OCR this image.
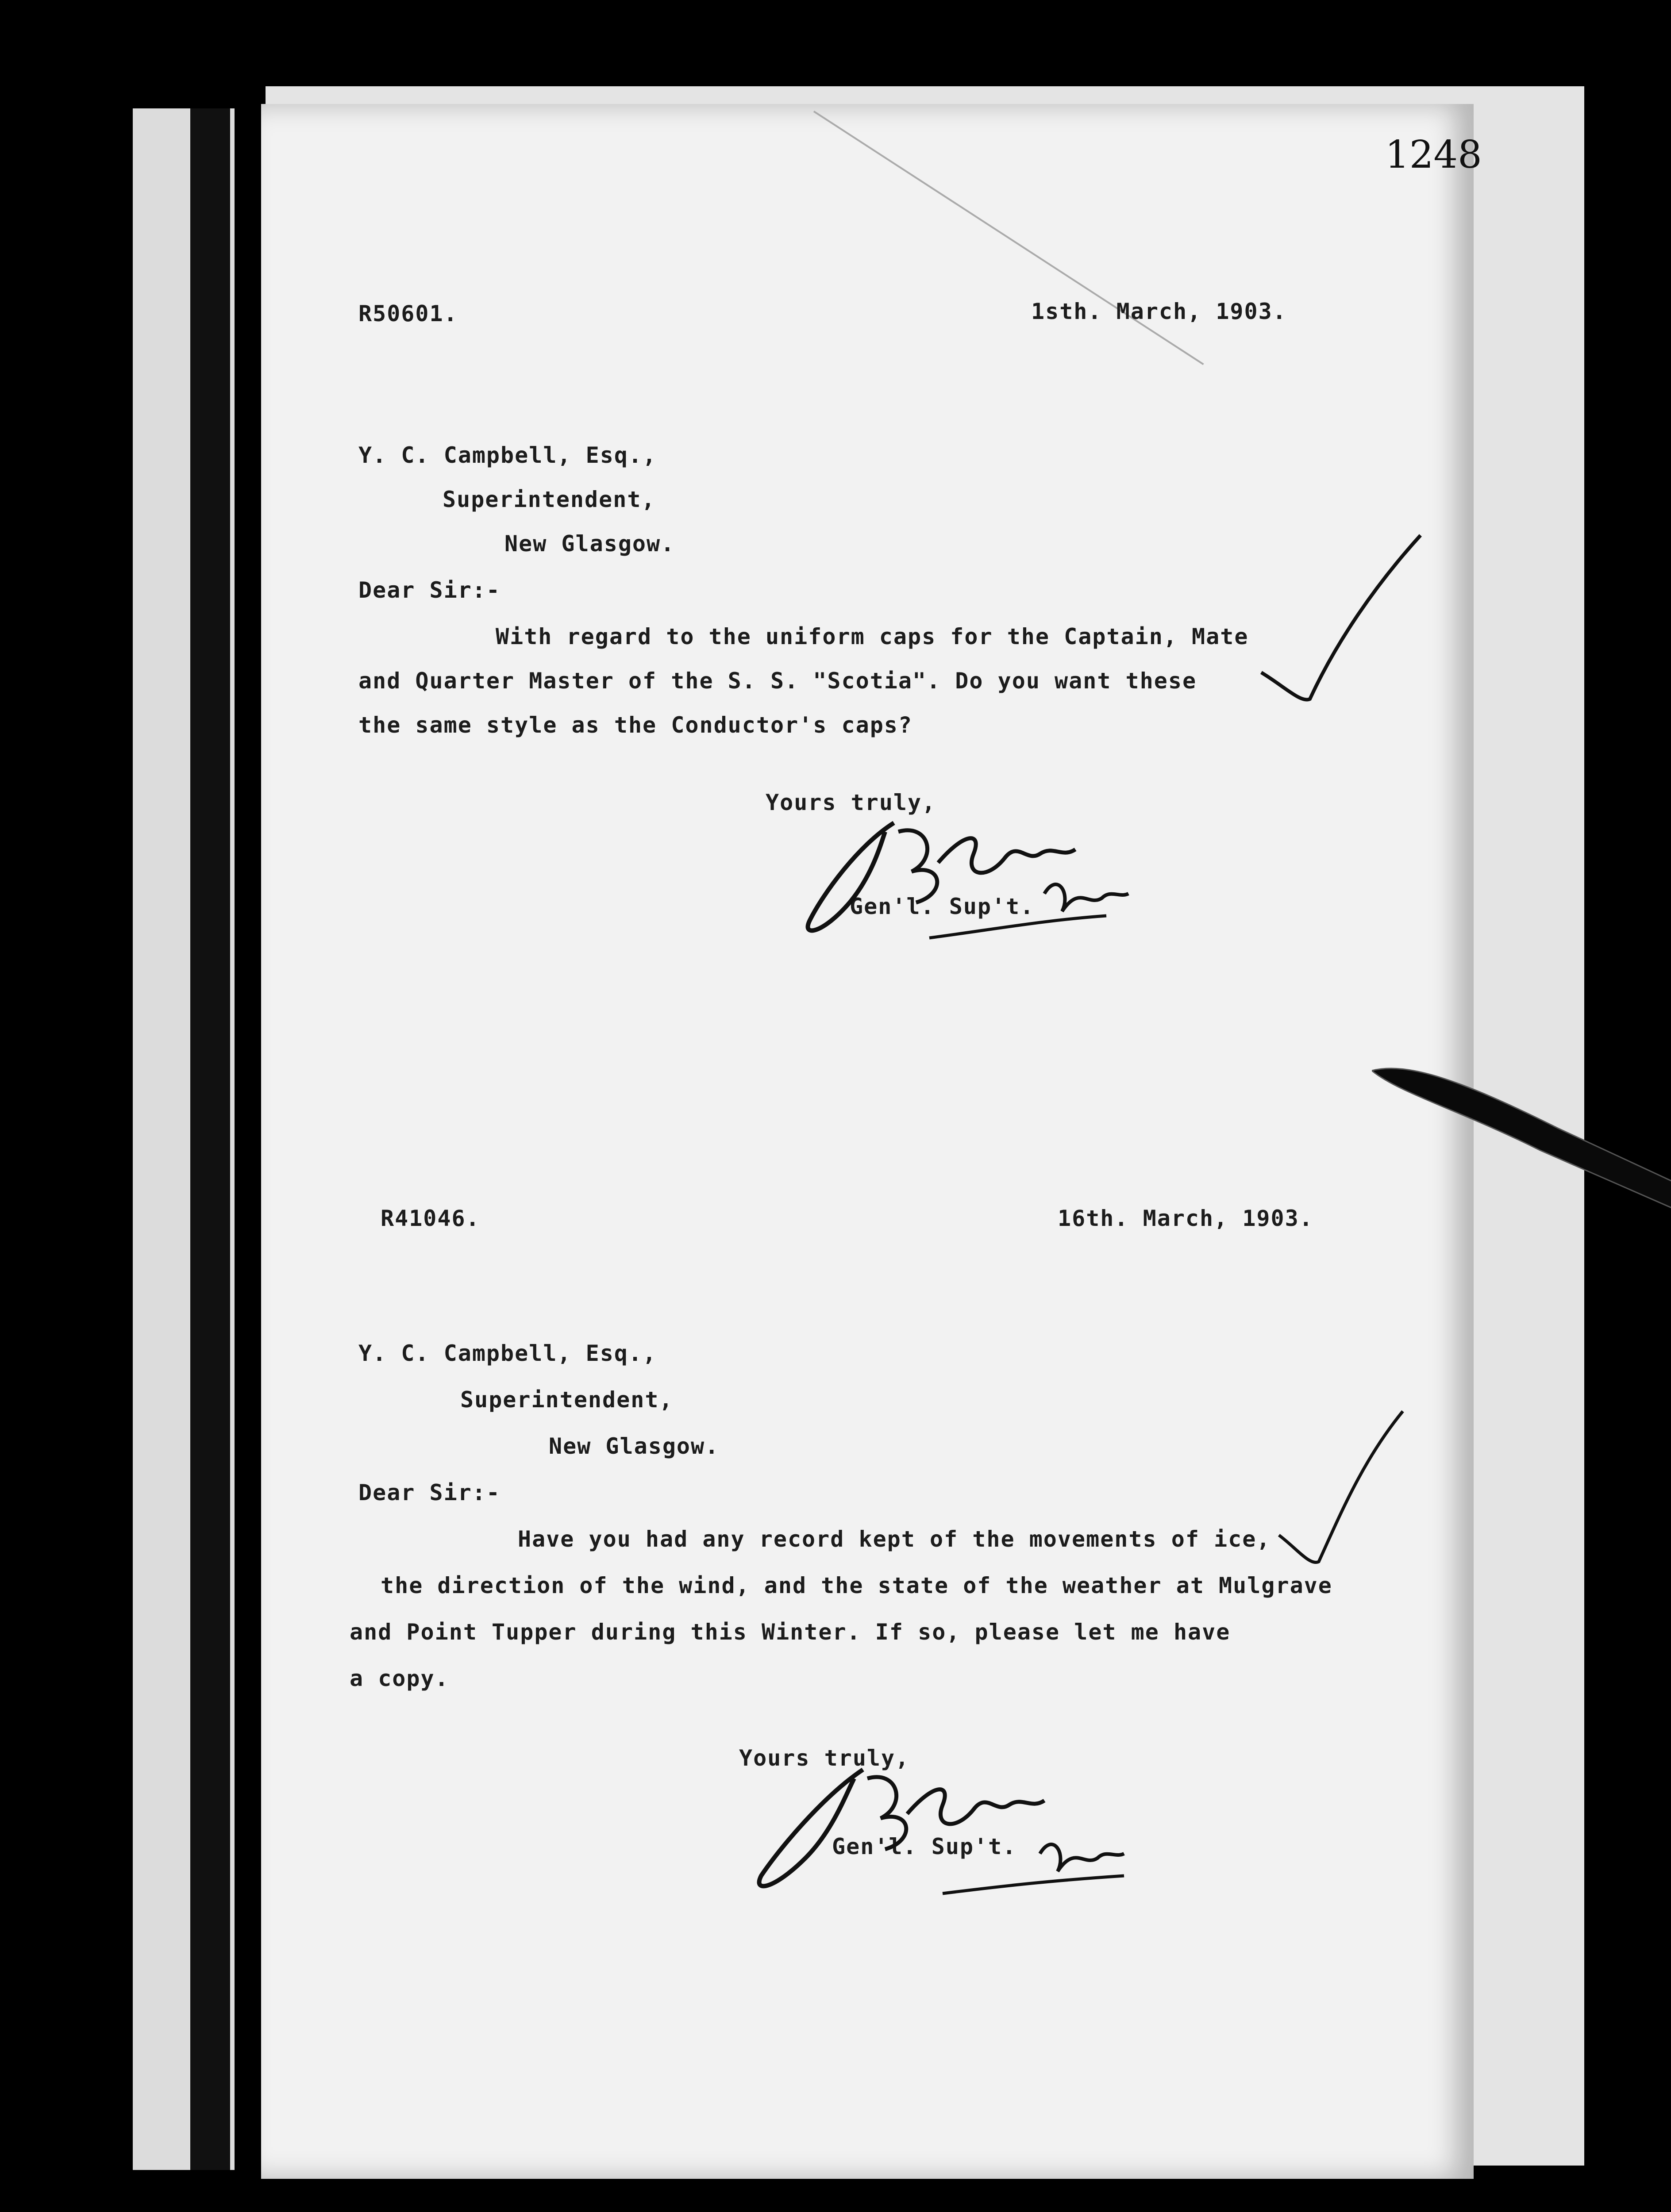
1248
R50601.	1sth. March, 1903.
Y. C. Campbell, Esq.,
Superintendent,
New Glasgow.
Dear Sir:-
With regard to the uniform caps for the Captain, Mate
and Quarter Master of the S. S. "Scotia". Do you want these
the same style as the Conductor's caps?
Yours truly,
Gen'l. Sup't.
R41046.	16th. March, 1903.
Y. C. Campbell, Esq.,
Superintendent,
New Glasgow.
Dear Sir:-
Have you had any record kept of the movements of ice,
the direction of the wind, and the state of the weather at Mulgrave
and Point Tupper during this Winter. If so, please let me have
a copy.
Yours truly,
Gen'l. Sup't.
